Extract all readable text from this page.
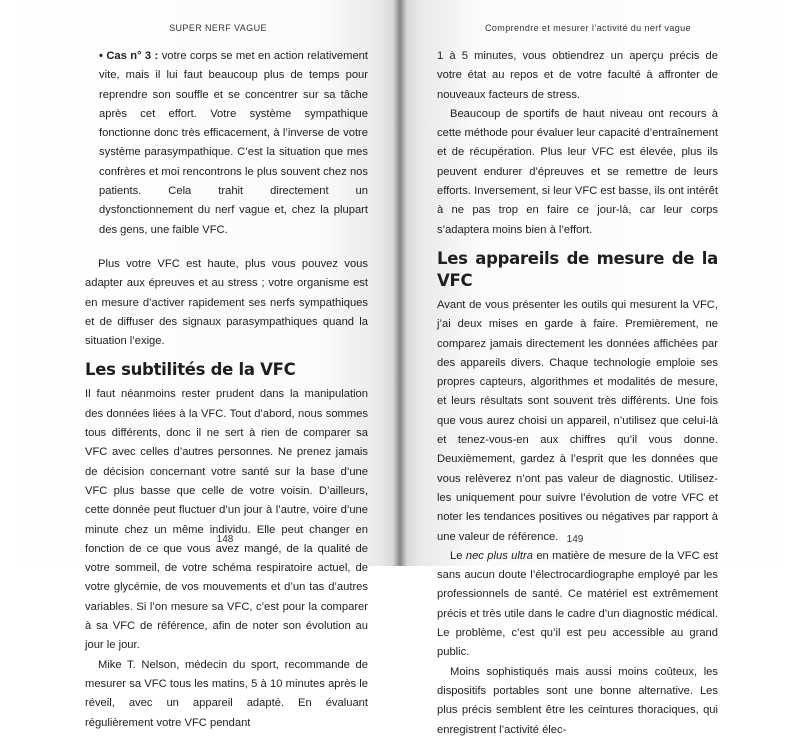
SUPER NERF VAGUE

• Cas n° 3 : votre corps se met en action relativement vite, mais il lui faut beaucoup plus de temps pour reprendre son souffle et se concentrer sur sa tâche après cet effort. Votre système sympathique fonctionne donc très efficacement, à l’inverse de votre système parasympathique. C’est la situation que mes confrères et moi rencontrons le plus souvent chez nos patients. Cela trahit directement un dysfonctionnement du nerf vague et, chez la plupart des gens, une faible VFC.

Plus votre VFC est haute, plus vous pouvez vous adapter aux épreuves et au stress ; votre organisme est en mesure d’activer rapidement ses nerfs sympathiques et de diffuser des signaux parasympathiques quand la situation l’exige.

Les subtilités de la VFC

Il faut néanmoins rester prudent dans la manipulation des données liées à la VFC. Tout d’abord, nous sommes tous différents, donc il ne sert à rien de comparer sa VFC avec celles d’autres personnes. Ne prenez jamais de décision concernant votre santé sur la base d’une VFC plus basse que celle de votre voisin. D’ailleurs, cette donnée peut fluctuer d’un jour à l’autre, voire d’une minute chez un même individu. Elle peut changer en fonction de ce que vous avez mangé, de la qualité de votre sommeil, de votre schéma respiratoire actuel, de votre glycémie, de vos mouvements et d’un tas d’autres variables. Si l’on mesure sa VFC, c’est pour la comparer à sa VFC de référence, afin de noter son évolution au jour le jour.

Mike T. Nelson, médecin du sport, recommande de mesurer sa VFC tous les matins, 5 à 10 minutes après le réveil, avec un appareil adapté. En évaluant régulièrement votre VFC pendant

148
Comprendre et mesurer l’activité du nerf vague

1 à 5 minutes, vous obtiendrez un aperçu précis de votre état au repos et de votre faculté à affronter de nouveaux facteurs de stress.

Beaucoup de sportifs de haut niveau ont recours à cette méthode pour évaluer leur capacité d’entraînement et de récupération. Plus leur VFC est élevée, plus ils peuvent endurer d’épreuves et se remettre de leurs efforts. Inversement, si leur VFC est basse, ils ont intérêt à ne pas trop en faire ce jour-là, car leur corps s’adaptera moins bien à l’effort.

Les appareils de mesure de la VFC

Avant de vous présenter les outils qui mesurent la VFC, j’ai deux mises en garde à faire. Premièrement, ne comparez jamais directement les données affichées par des appareils divers. Chaque technologie emploie ses propres capteurs, algorithmes et modalités de mesure, et leurs résultats sont souvent très différents. Une fois que vous aurez choisi un appareil, n’utilisez que celui-là et tenez-vous-en aux chiffres qu’il vous donne. Deuxièmement, gardez à l’esprit que les données que vous relèverez n’ont pas valeur de diagnostic. Utilisez-les uniquement pour suivre l’évolution de votre VFC et noter les tendances positives ou négatives par rapport à une valeur de référence.

Le nec plus ultra en matière de mesure de la VFC est sans aucun doute l’électrocardiographe employé par les professionnels de santé. Ce matériel est extrêmement précis et très utile dans le cadre d’un diagnostic médical. Le problème, c’est qu’il est peu accessible au grand public.

Moins sophistiqués mais aussi moins coûteux, les dispositifs portables sont une bonne alternative. Les plus précis semblent être les ceintures thoraciques, qui enregistrent l’activité élec-

149
